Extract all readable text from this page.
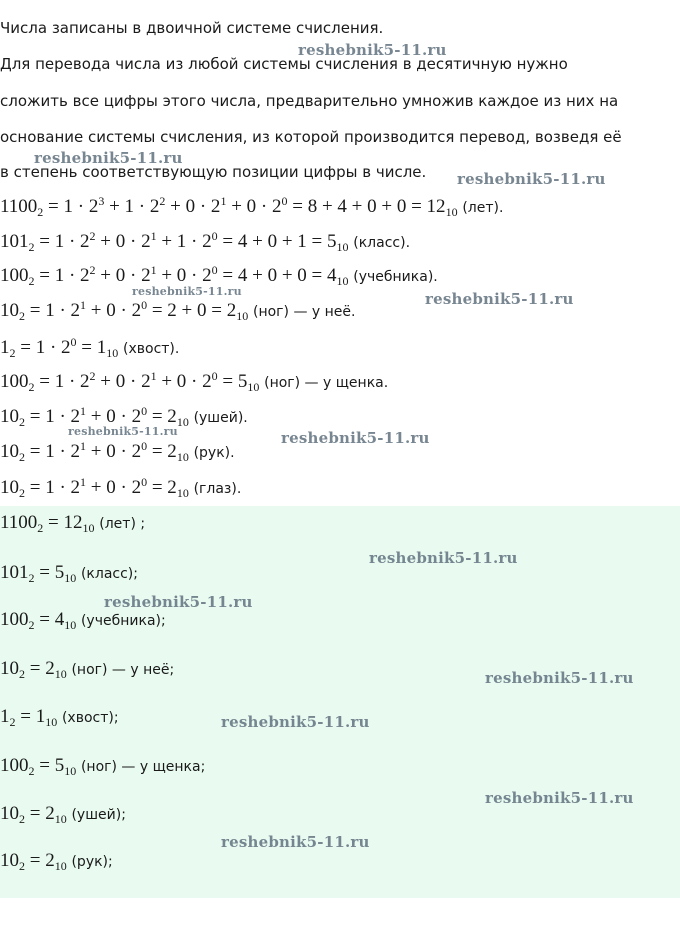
Числа записаны в двоичной системе счисления.

Для перевода числа из любой системы счисления в десятичную нужно

сложить все цифры этого числа, предварительно умножив каждое из них на

основание системы счисления, из которой производится перевод, возведя её

в степень соответствующую позиции цифры в числе.

$1100_2 = 1 \cdot 2^3 + 1 \cdot 2^2 + 0 \cdot 2^1 + 0 \cdot 2^0 = 8 + 4 + 0 + 0 = 12_{10}$ (лет).
$101_2 = 1 \cdot 2^2 + 0 \cdot 2^1 + 1 \cdot 2^0 = 4 + 0 + 1 = 5_{10}$ (класс).
$100_2 = 1 \cdot 2^2 + 0 \cdot 2^1 + 0 \cdot 2^0 = 4 + 0 + 0 = 4_{10}$ (учебника).
$10_2 = 1 \cdot 2^1 + 0 \cdot 2^0 = 2 + 0 = 2_{10}$ (ног) — у неё.
$1_2 = 1 \cdot 2^0 = 1_{10}$ (хвост).
$100_2 = 1 \cdot 2^2 + 0 \cdot 2^1 + 0 \cdot 2^0 = 5_{10}$ (ног) — у щенка.
$10_2 = 1 \cdot 2^1 + 0 \cdot 2^0 = 2_{10}$ (ушей).
$10_2 = 1 \cdot 2^1 + 0 \cdot 2^0 = 2_{10}$ (рук).
$10_2 = 1 \cdot 2^1 + 0 \cdot 2^0 = 2_{10}$ (глаз).
$1100_2 = 12_{10}$ (лет) ;
$101_2 = 5_{10}$ (класс);
$100_2 = 4_{10}$ (учебника);
$10_2 = 2_{10}$ (ног) — у неё;
$1_2 = 1_{10}$ (хвост);
$100_2 = 5_{10}$ (ног) — у щенка;
$10_2 = 2_{10}$ (ушей);
$10_2 = 2_{10}$ (рук);
reshebnik5-11.ru
reshebnik5-11.ru
reshebnik5-11.ru
reshebnik5-11.ru	reshebnik5-11.ru
reshebnik5-11.ru	reshebnik5-11.ru
reshebnik5-11.ru
reshebnik5-11.ru
reshebnik5-11.ru
reshebnik5-11.ru
reshebnik5-11.ru
reshebnik5-11.ru
